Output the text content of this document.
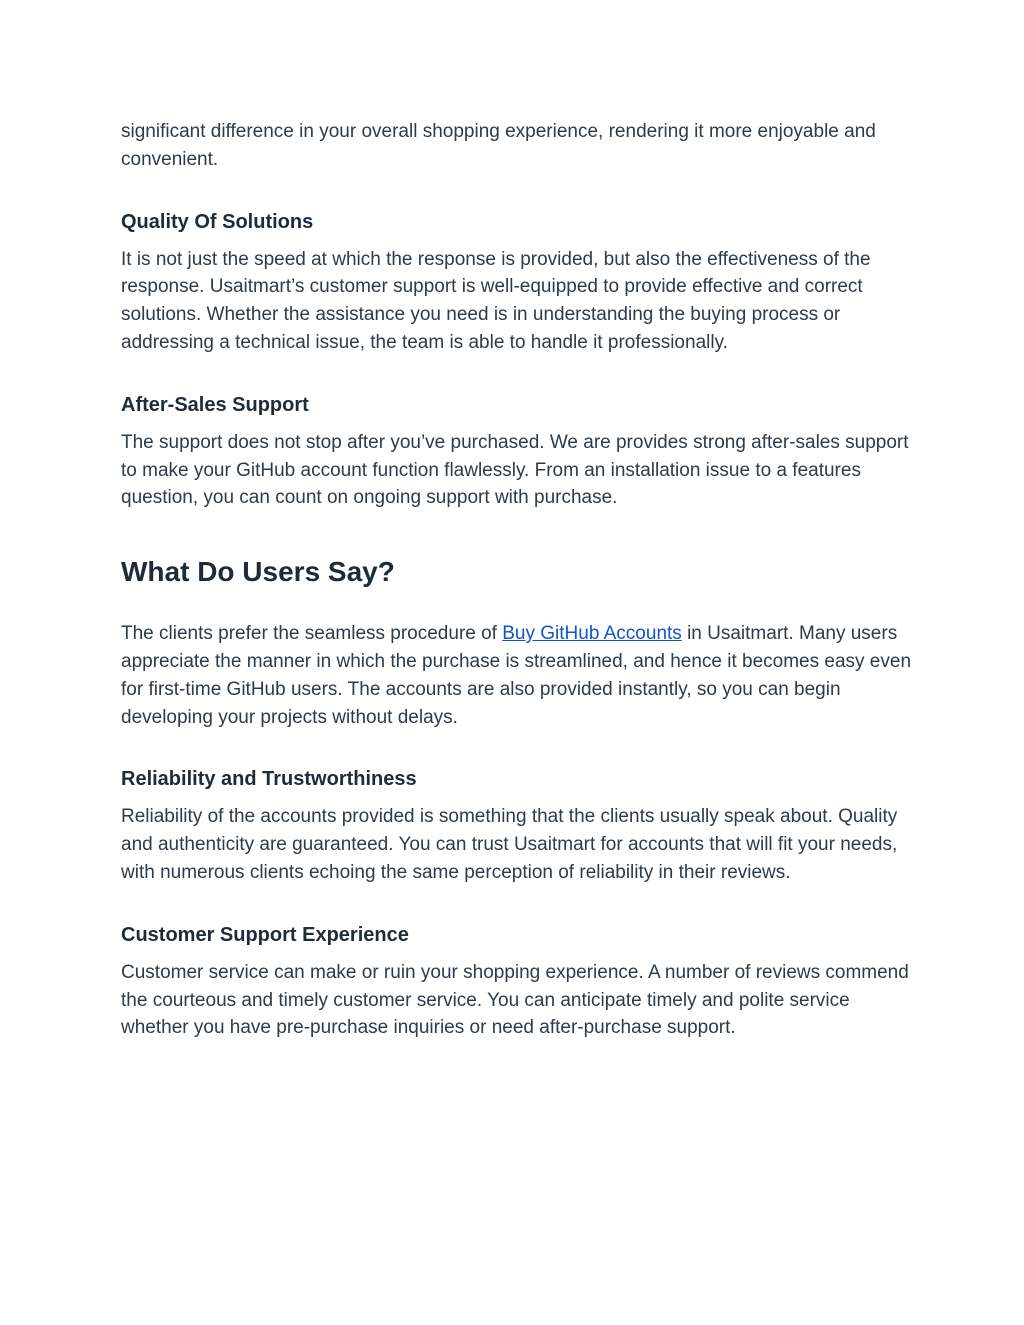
significant difference in your overall shopping experience, rendering it more enjoyable and convenient.

Quality Of Solutions

It is not just the speed at which the response is provided, but also the effectiveness of the response. Usaitmart’s customer support is well-equipped to provide effective and correct solutions. Whether the assistance you need is in understanding the buying process or addressing a technical issue, the team is able to handle it professionally.

After-Sales Support

The support does not stop after you’ve purchased. We are provides strong after-sales support to make your GitHub account function flawlessly. From an installation issue to a features question, you can count on ongoing support with purchase.

What Do Users Say?

The clients prefer the seamless procedure of Buy GitHub Accounts in Usaitmart. Many users appreciate the manner in which the purchase is streamlined, and hence it becomes easy even for first-time GitHub users. The accounts are also provided instantly, so you can begin developing your projects without delays.

Reliability and Trustworthiness

Reliability of the accounts provided is something that the clients usually speak about. Quality and authenticity are guaranteed. You can trust Usaitmart for accounts that will fit your needs, with numerous clients echoing the same perception of reliability in their reviews.

Customer Support Experience

Customer service can make or ruin your shopping experience. A number of reviews commend the courteous and timely customer service. You can anticipate timely and polite service whether you have pre-purchase inquiries or need after-purchase support.
